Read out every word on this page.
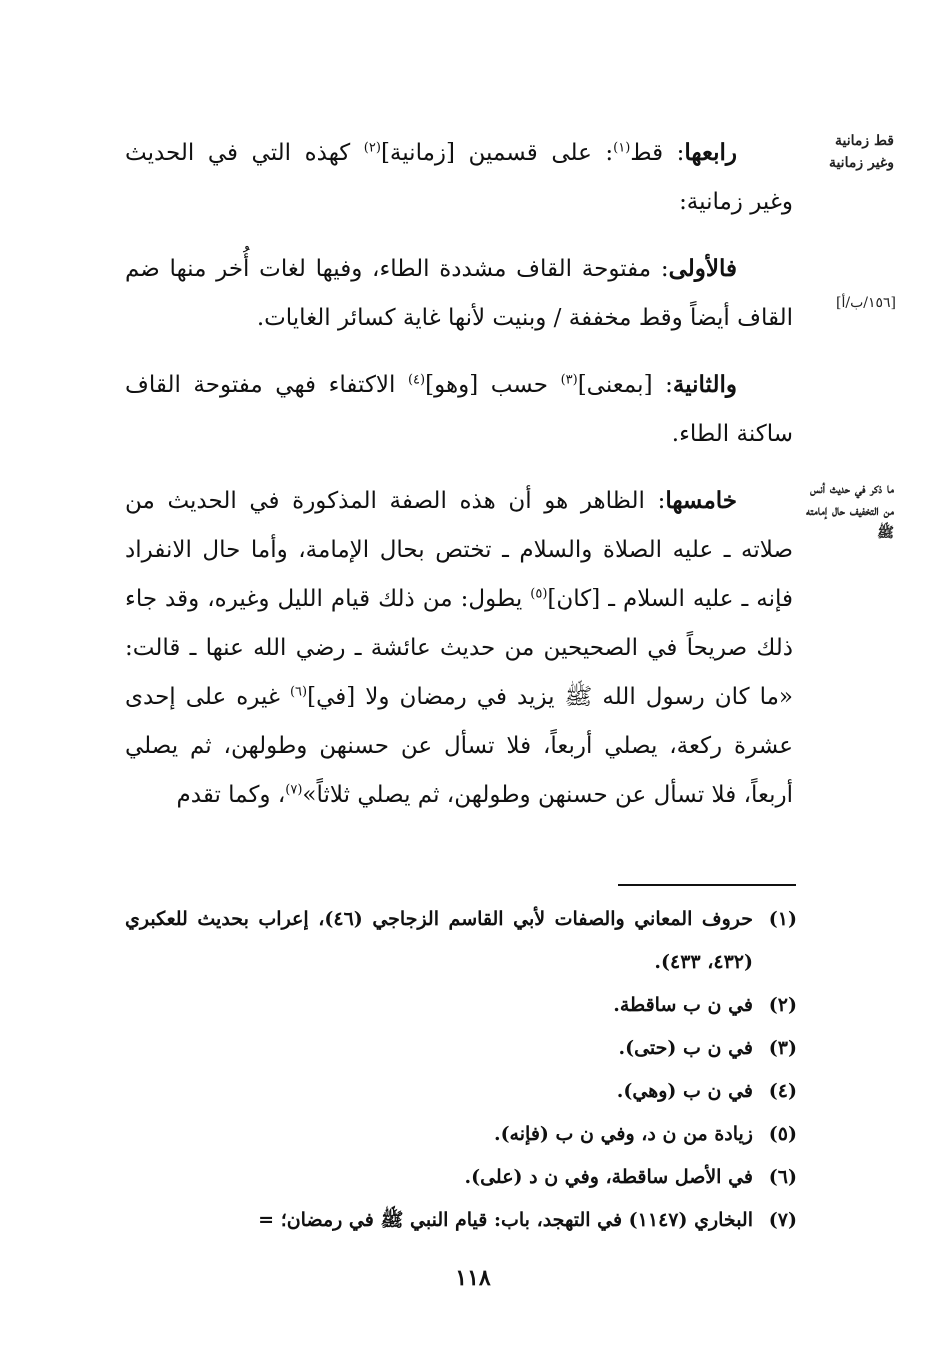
قط زمانية وغير زمانية
[١٥٦/ب/أ]
ما ذكر في حديث أنس من التخفيف حال إمامته ﷺ

رابعها: قط$^{(١)}$: على قسمين [زمانية]$^{(٢)}$ كهذه التي في الحديث وغير زمانية:

فالأولى: مفتوحة القاف مشددة الطاء، وفيها لغات أُخر منها ضم القاف أيضاً وقط مخففة / وبنيت لأنها غاية كسائر الغايات.

والثانية: [بمعنى]$^{(٣)}$ حسب [وهو]$^{(٤)}$ الاكتفاء فهي مفتوحة القاف ساكنة الطاء.

خامسها: الظاهر هو أن هذه الصفة المذكورة في الحديث من صلاته ـ عليه الصلاة والسلام ـ تختص بحال الإمامة، وأما حال الانفراد فإنه ـ عليه السلام ـ [كان]$^{(٥)}$ يطول: من ذلك قيام الليل وغيره، وقد جاء ذلك صريحاً في الصحيحين من حديث عائشة ـ رضي الله عنها ـ قالت: «ما كان رسول الله ﷺ يزيد في رمضان ولا [في]$^{(٦)}$ غيره على إحدى عشرة ركعة، يصلي أربعاً، فلا تسأل عن حسنهن وطولهن، ثم يصلي أربعاً، فلا تسأل عن حسنهن وطولهن، ثم يصلي ثلاثاً»$^{(٧)}$، وكما تقدم

(١)
حروف المعاني والصفات لأبي القاسم الزجاجي (٤٦)، إعراب بحديث للعكبري (٤٣٢، ٤٣٣).
(٢)
في ن ب ساقطة.
(٣)
في ن ب (حتى).
(٤)
في ن ب (وهي).
(٥)
زيادة من ن د، وفي ن ب (فإنه).
(٦)
في الأصل ساقطة، وفي ن د (على).
(٧)
البخاري (١١٤٧) في التهجد، باب: قيام النبي ﷺ في رمضان؛ =
١١٨
